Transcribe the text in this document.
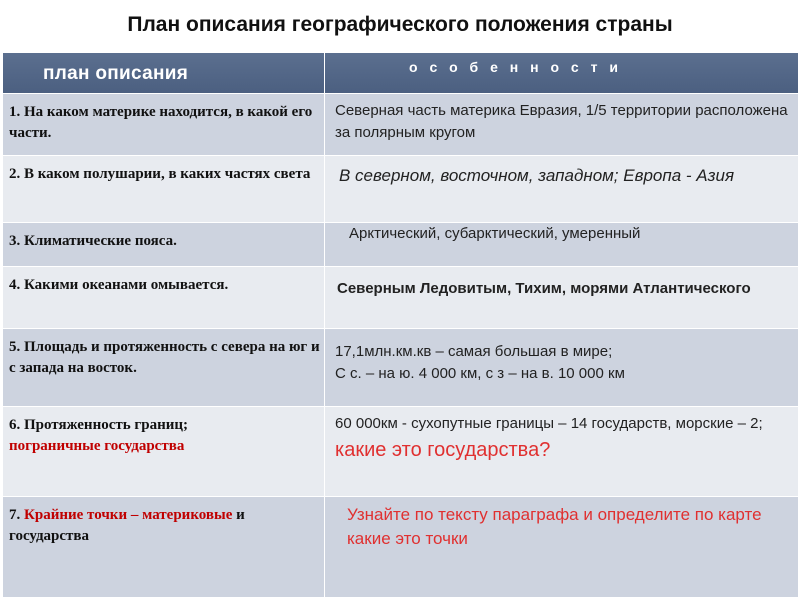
План описания географического положения страны
план описания	о с о б е н н о с т и

1. На каком материке находится, в какой его части.	Северная часть материка Евразия, 1/5 территории расположена за полярным кругом

2. В каком полушарии, в каких частях света	В северном, восточном, западном; Европа - Азия

3. Климатические пояса.	Арктический, субарктический, умеренный

4. Какими океанами омывается.	Северным Ледовитым, Тихим, морями Атлантического

5. Площадь и протяженность с севера на юг и с запада на восток.	17,1млн.км.кв – самая большая в мире;
С с. – на ю. 4 000 км, с з – на в. 10 000 км

6. Протяженность границ;
пограничные государства	60 000км - сухопутные границы – 14 государств, морские – 2; какие это государства?

7. Крайние точки – материковые и государства	Узнайте по тексту параграфа и определите по карте какие это точки
